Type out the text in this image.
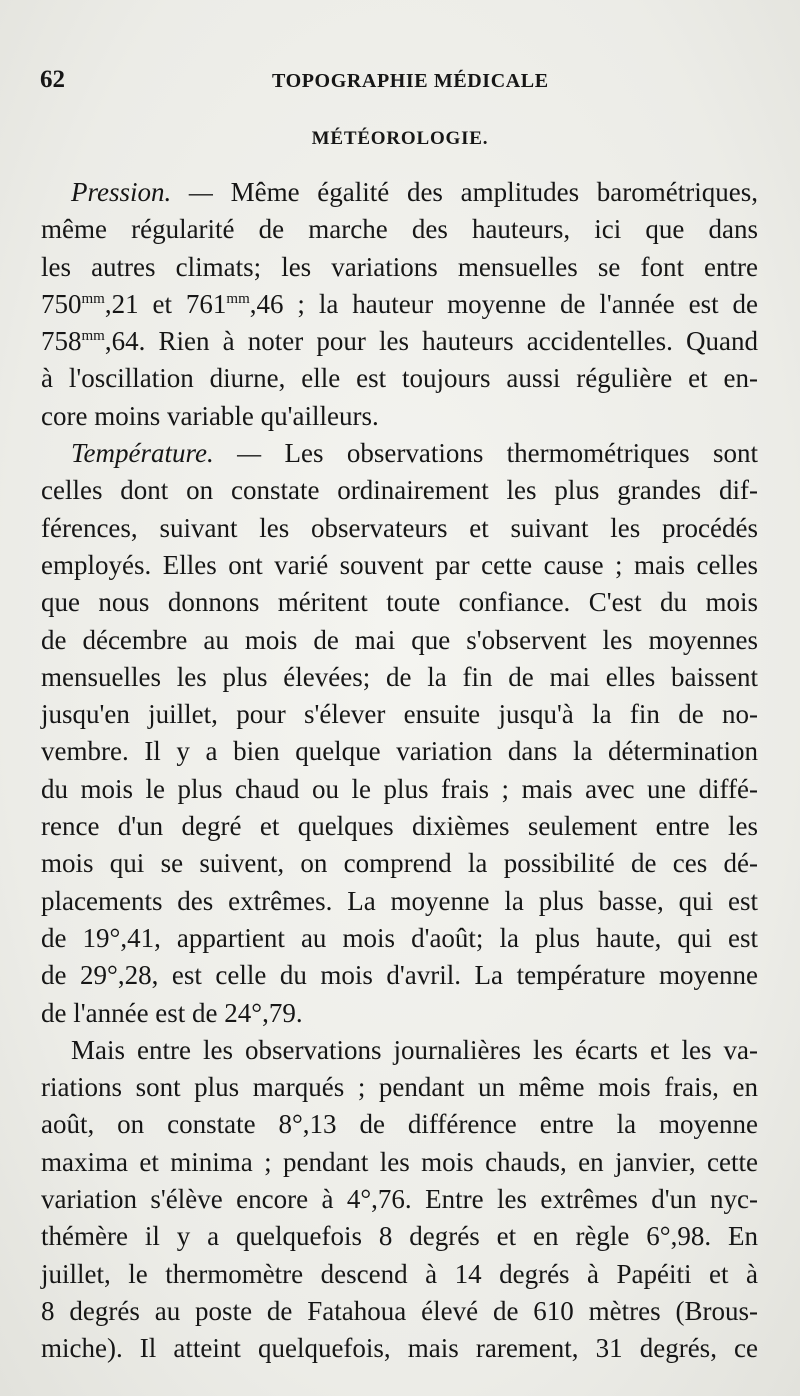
62	TOPOGRAPHIE MÉDICALE
MÉTÉOROLOGIE.
Pression. — Même égalité des amplitudes barométriques,
même régularité de marche des hauteurs, ici que dans
les autres climats; les variations mensuelles se font entre
$750^{mm},21$ et $761^{mm},46$ ; la hauteur moyenne de l'année est de
$758^{mm},64$. Rien à noter pour les hauteurs accidentelles. Quand
à l'oscillation diurne, elle est toujours aussi régulière et en-
core moins variable qu'ailleurs.
Température. — Les observations thermométriques sont
celles dont on constate ordinairement les plus grandes dif-
férences, suivant les observateurs et suivant les procédés
employés. Elles ont varié souvent par cette cause ; mais celles
que nous donnons méritent toute confiance. C'est du mois
de décembre au mois de mai que s'observent les moyennes
mensuelles les plus élevées; de la fin de mai elles baissent
jusqu'en juillet, pour s'élever ensuite jusqu'à la fin de no-
vembre. Il y a bien quelque variation dans la détermination
du mois le plus chaud ou le plus frais ; mais avec une diffé-
rence d'un degré et quelques dixièmes seulement entre les
mois qui se suivent, on comprend la possibilité de ces dé-
placements des extrêmes. La moyenne la plus basse, qui est
de 19°,41, appartient au mois d'août; la plus haute, qui est
de 29°,28, est celle du mois d'avril. La température moyenne
de l'année est de 24°,79.
Mais entre les observations journalières les écarts et les va-
riations sont plus marqués ; pendant un même mois frais, en
août, on constate 8°,13 de différence entre la moyenne
maxima et minima ; pendant les mois chauds, en janvier, cette
variation s'élève encore à 4°,76. Entre les extrêmes d'un nyc-
thémère il y a quelquefois 8 degrés et en règle 6°,98. En
juillet, le thermomètre descend à 14 degrés à Papéiti et à
8 degrés au poste de Fatahoua élevé de 610 mètres (Brous-
miche). Il atteint quelquefois, mais rarement, 31 degrés, ce
